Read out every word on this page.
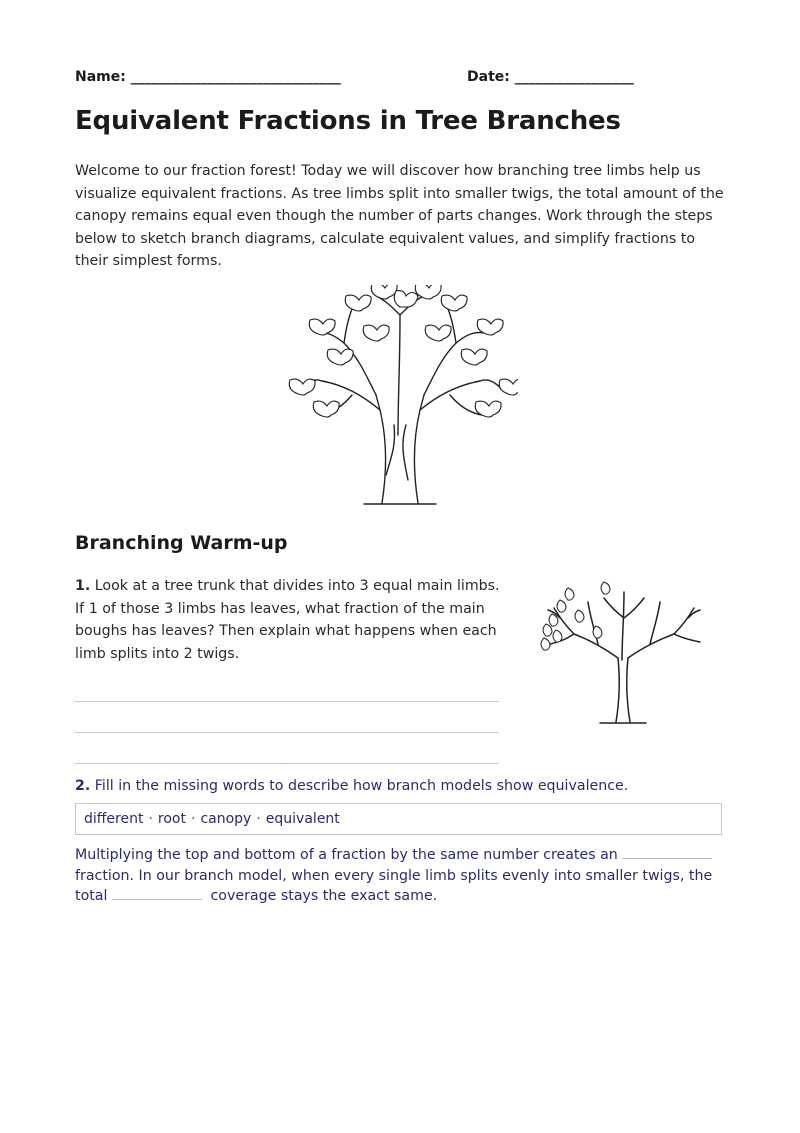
Name: ______________________________	Date: _________________
Equivalent Fractions in Tree Branches

Welcome to our fraction forest! Today we will discover how branching tree limbs help us visualize equivalent fractions. As tree limbs split into smaller twigs, the total amount of the canopy remains equal even though the number of parts changes. Work through the steps below to sketch branch diagrams, calculate equivalent values, and simplify fractions to their simplest forms.

Branching Warm-up

1. Look at a tree trunk that divides into 3 equal main limbs. If 1 of those 3 limbs has leaves, what fraction of the main boughs has leaves? Then explain what happens when each limb splits into 2 twigs.

2. Fill in the missing words to describe how branch models show equivalence.

different · root · canopy · equivalent

Multiplying the top and bottom of a fraction by the same number creates an fraction. In our branch model, when every single limb splits evenly into smaller twigs, the total	coverage stays the exact same.
